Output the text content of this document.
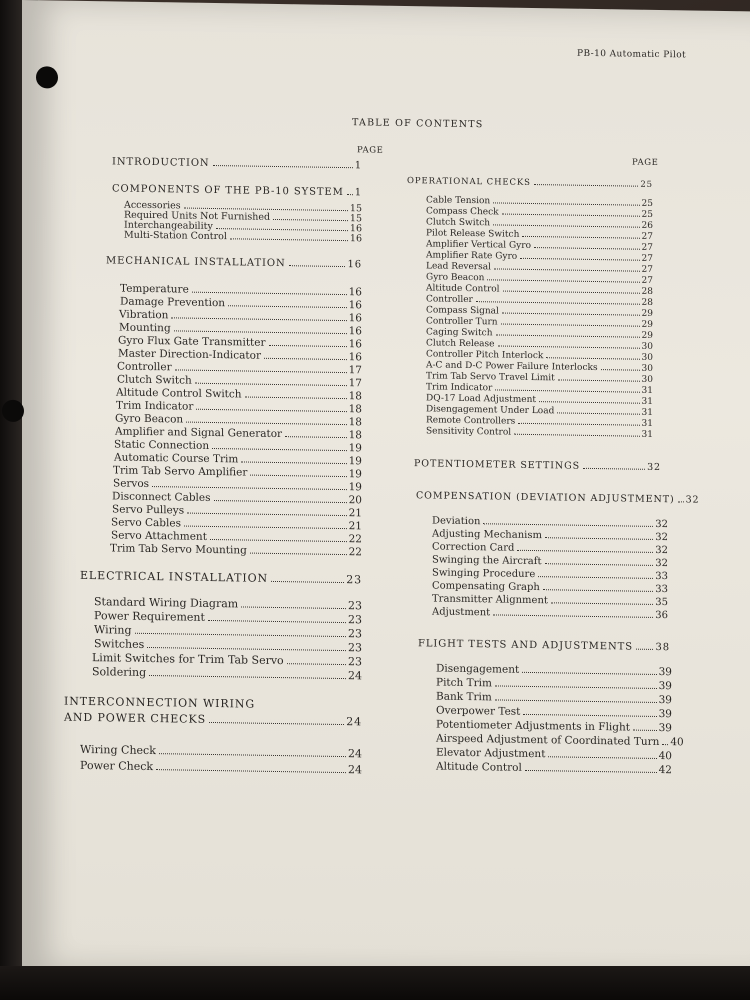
PB-10 Automatic Pilot
TABLE OF CONTENTS
PAGE
PAGE
INTRODUCTION	1
COMPONENTS OF THE PB-10 SYSTEM 1
Accessories	15
Required Units Not Furnished	15
Interchangeability	16
Multi-Station Control	16
MECHANICAL INSTALLATION	16
Temperature	16
Damage Prevention	16
Vibration	16
Mounting	16
Gyro Flux Gate Transmitter	16
Master Direction-Indicator	16
Controller	17
Clutch Switch	17
Altitude Control Switch	18
Trim Indicator	18
Gyro Beacon	18
Amplifier and Signal Generator	18
Static Connection	19
Automatic Course Trim	19
Trim Tab Servo Amplifier	19
Servos	19
Disconnect Cables	20
Servo Pulleys	21
Servo Cables	21
Servo Attachment	22
Trim Tab Servo Mounting	22
ELECTRICAL INSTALLATION	23
Standard Wiring Diagram	23
Power Requirement	23
Wiring	23
Switches	23
Limit Switches for Trim Tab Servo	23
Soldering	24
INTERCONNECTION WIRING
AND POWER CHECKS	24
Wiring Check	24
Power Check	24
OPERATIONAL CHECKS	25
Cable Tension	25
Compass Check	25
Clutch Switch	26
Pilot Release Switch	27
Amplifier Vertical Gyro	27
Amplifier Rate Gyro	27
Lead Reversal	27
Gyro Beacon	27
Altitude Control	28
Controller	28
Compass Signal	29
Controller Turn	29
Caging Switch	29
Clutch Release	30
Controller Pitch Interlock	30
A-C and D-C Power Failure Interlocks	30
Trim Tab Servo Travel Limit	30
Trim Indicator	31
DQ-17 Load Adjustment	31
Disengagement Under Load	31
Remote Controllers	31
Sensitivity Control	31
POTENTIOMETER SETTINGS	32
COMPENSATION (DEVIATION ADJUSTMENT) 32
Deviation	32
Adjusting Mechanism	32
Correction Card	32
Swinging the Aircraft	32
Swinging Procedure	33
Compensating Graph	33
Transmitter Alignment	35
Adjustment	36
FLIGHT TESTS AND ADJUSTMENTS 38
Disengagement	39
Pitch Trim	39
Bank Trim	39
Overpower Test	39
Potentiometer Adjustments in Flight	39
Airspeed Adjustment of Coordinated Turn 40
Elevator Adjustment	40
Altitude Control	42
